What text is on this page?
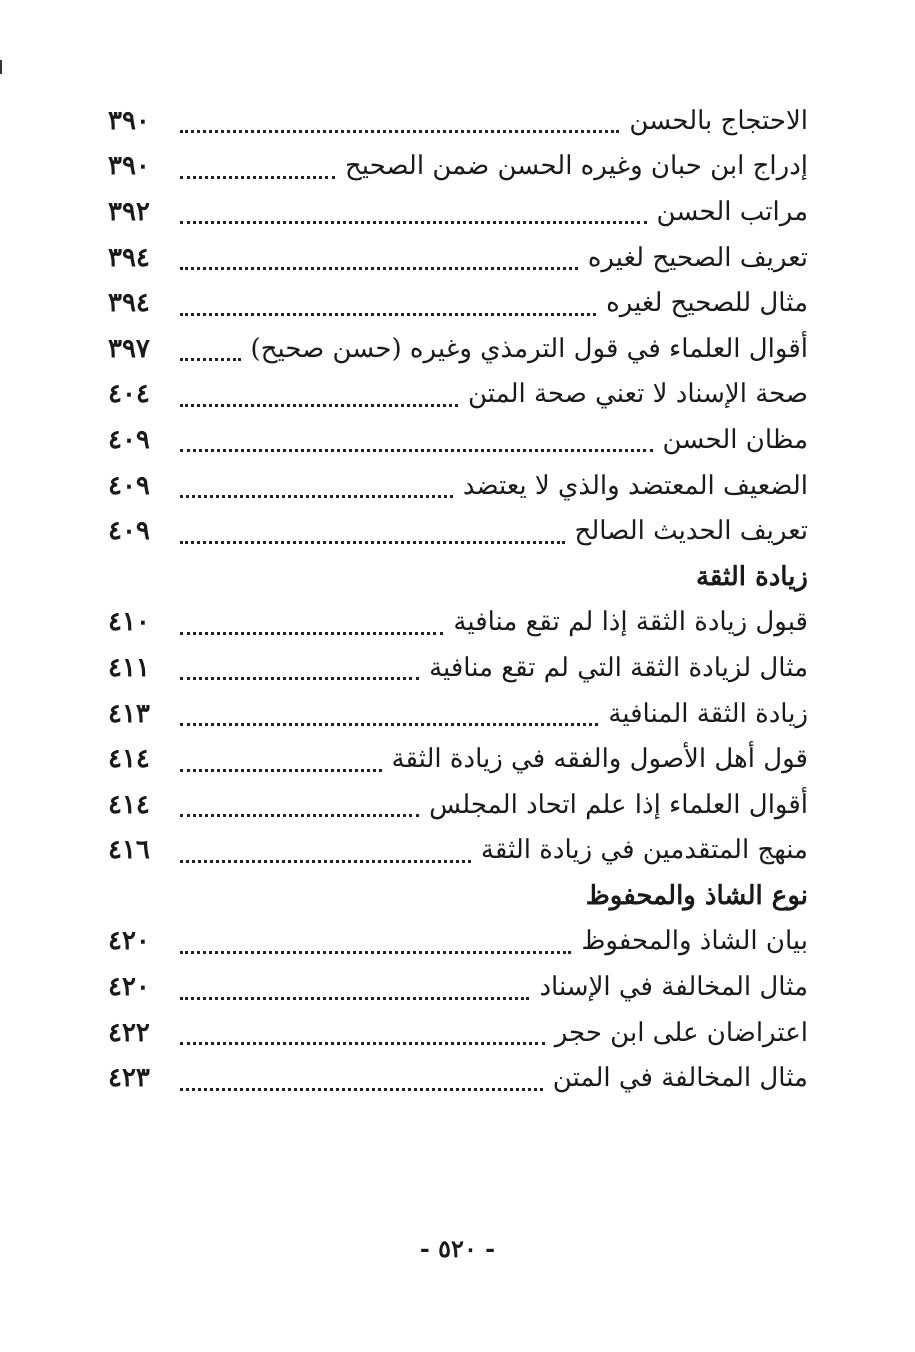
الاحتجاج بالحسن
٣٩٠
إدراج ابن حبان وغيره الحسن ضمن الصحيح
٣٩٠
مراتب الحسن
٣٩٢
تعريف الصحيح لغيره
٣٩٤
مثال للصحيح لغيره
٣٩٤
أقوال العلماء في قول الترمذي وغيره (حسن صحيح)
٣٩٧
صحة الإسناد لا تعني صحة المتن
٤٠٤
مظان الحسن
٤٠٩
الضعيف المعتضد والذي لا يعتضد
٤٠٩
تعريف الحديث الصالح
٤٠٩
زيادة الثقة
قبول زيادة الثقة إذا لم تقع منافية
٤١٠
مثال لزيادة الثقة التي لم تقع منافية
٤١١
زيادة الثقة المنافية
٤١٣
قول أهل الأصول والفقه في زيادة الثقة
٤١٤
أقوال العلماء إذا علم اتحاد المجلس
٤١٤
منهج المتقدمين في زيادة الثقة
٤١٦
نوع الشاذ والمحفوظ
بيان الشاذ والمحفوظ
٤٢٠
مثال المخالفة في الإسناد
٤٢٠
اعتراضان على ابن حجر
٤٢٢
مثال المخالفة في المتن
٤٢٣
- ٥٢٠ -
